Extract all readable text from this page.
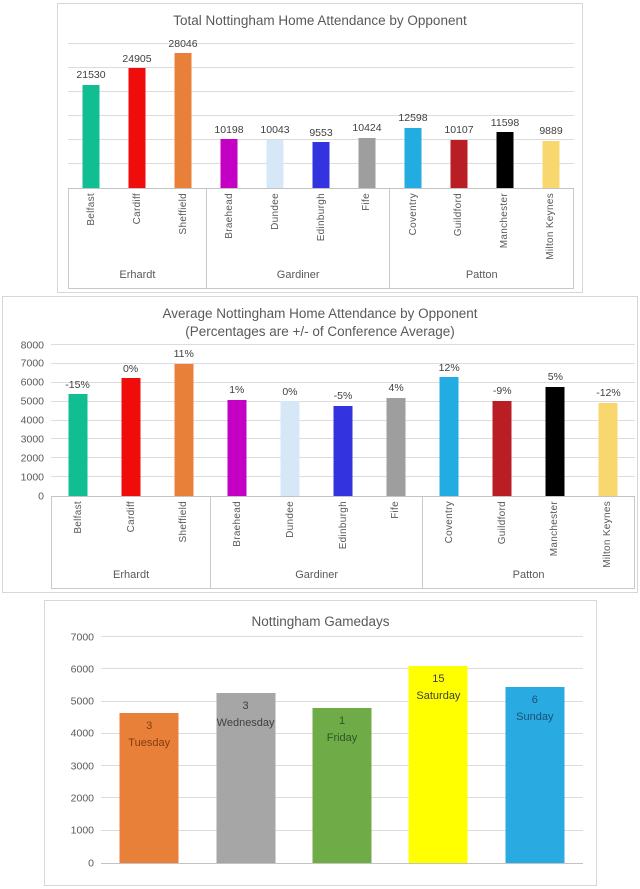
Total Nottingham Home Attendance by Opponent
21530
24905
28046
10198 10043 9553 10424
12598
10107
11598
9889
Belfast	Cardiff	Sheffield
Erhardt
Braehead	Dundee	Edinburgh	Fife
Gardiner
Coventry	Guildford	Manchester	Milton Keynes
Patton
Average Nottingham Home Attendance by Opponent
(Percentages are +/- of Conference Average)
0
1000
2000
3000
4000
5000
6000
7000
8000
-15%
0%
11%
1%	0%	-5%
4%
12%
-9%
5%
-12%
Belfast	Cardiff	Sheffield
Erhardt
Braehead	Dundee	Edinburgh	Fife
Gardiner
Coventry	Guildford	Manchester	Milton Keynes
Patton
Nottingham Gamedays
0
1000
2000
3000
4000
5000
6000
7000
3
Tuesday
3
Wednesday	1
Friday
15
Saturday	6
Sunday
